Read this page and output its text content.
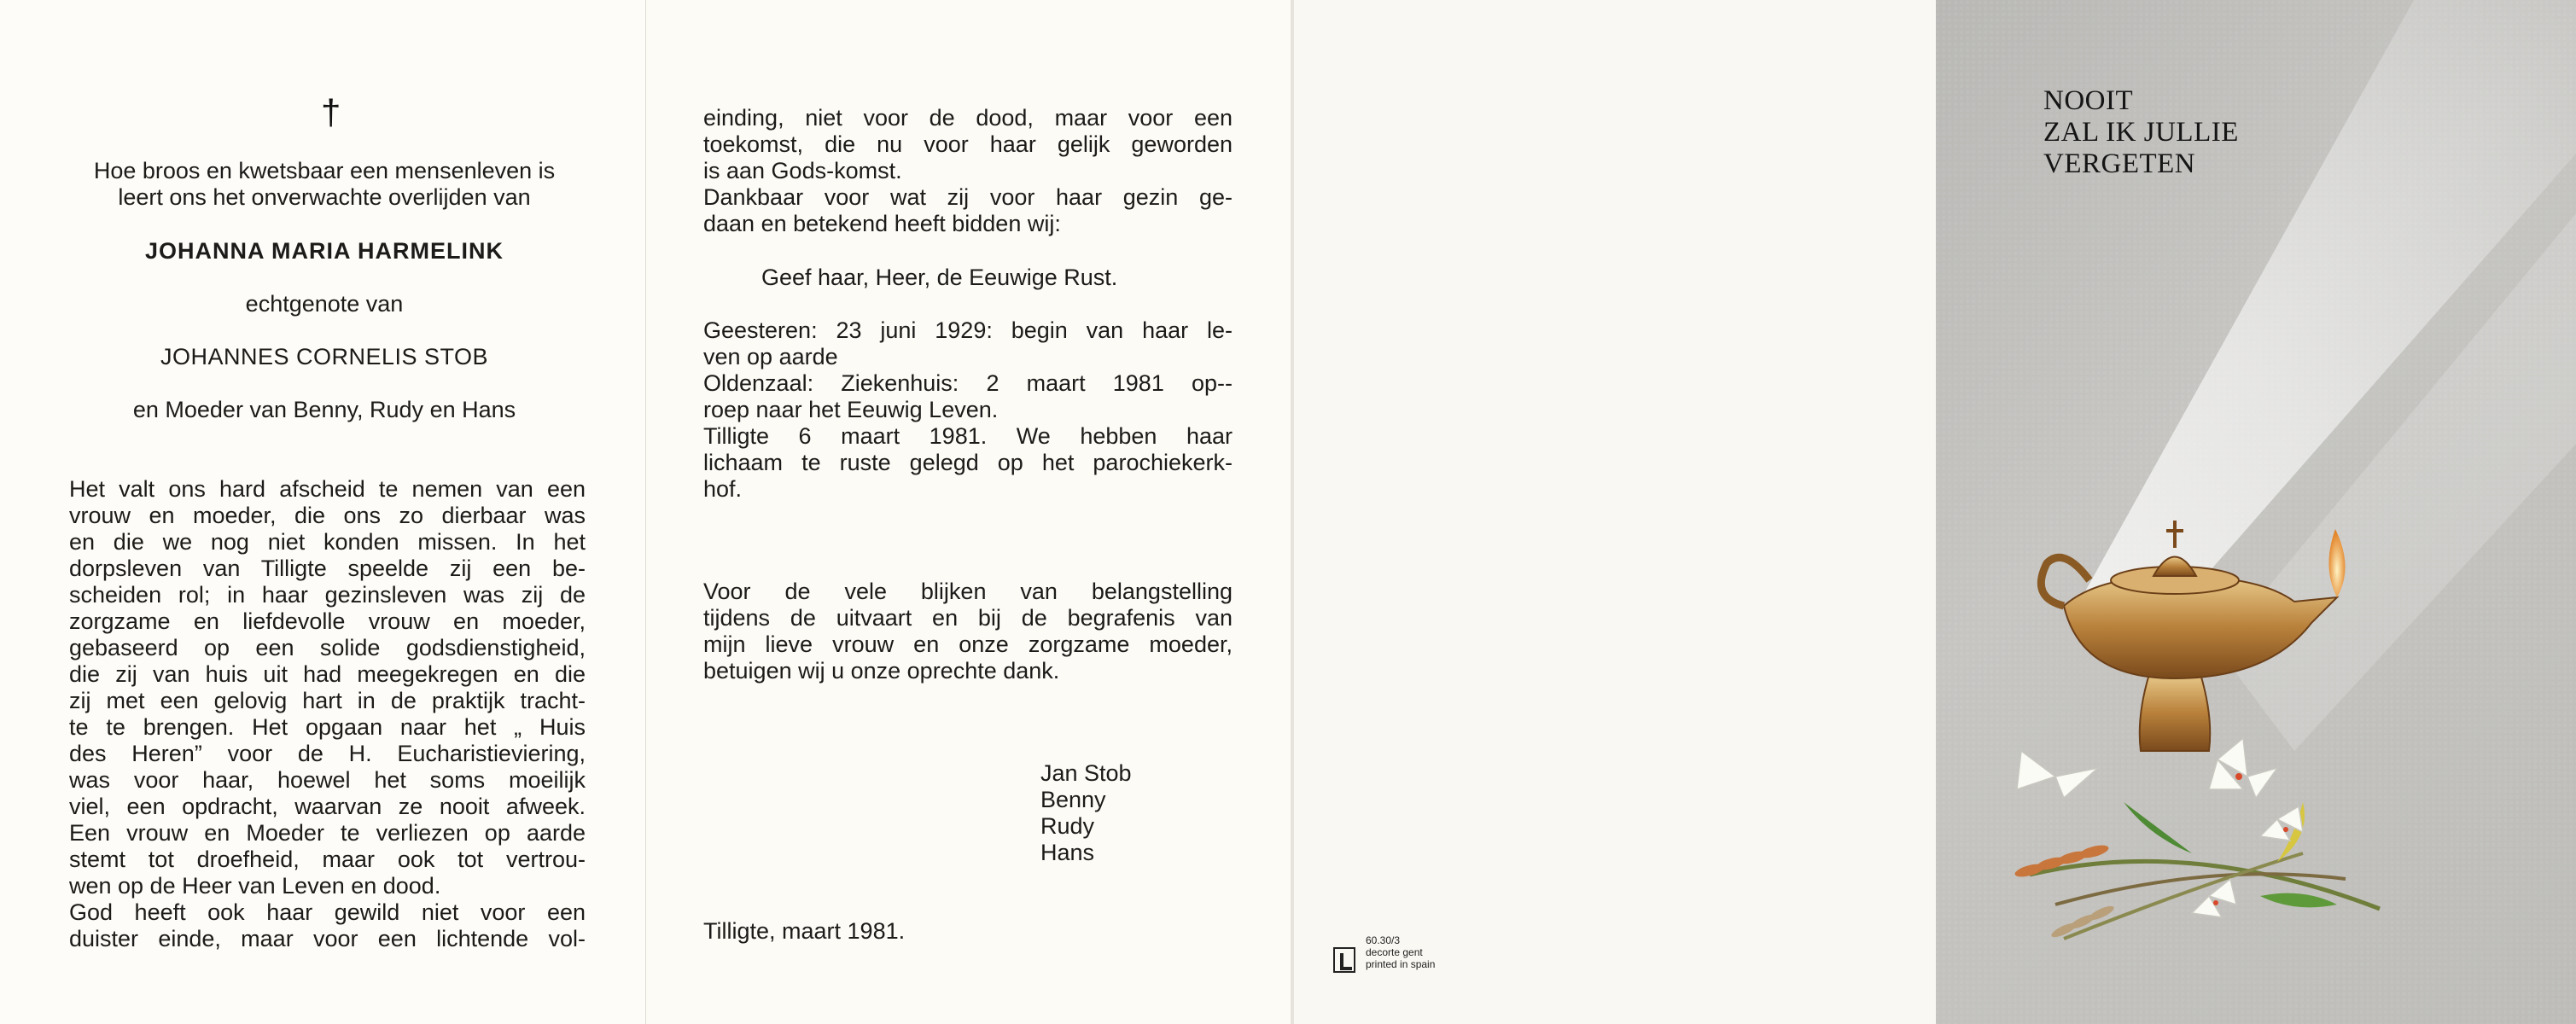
†
Hoe broos en kwetsbaar een mensenleven is
leert ons het onverwachte overlijden van
JOHANNA MARIA HARMELINK
echtgenote van
JOHANNES CORNELIS STOB
en Moeder van Benny, Rudy en Hans
Het valt ons hard afscheid te nemen van een
vrouw en moeder, die ons zo dierbaar was
en die we nog niet konden missen. In het
dorpsleven van Tilligte speelde zij een be-
scheiden rol; in haar gezinsleven was zij de
zorgzame en liefdevolle vrouw en moeder,
gebaseerd op een solide godsdienstigheid,
die zij van huis uit had meegekregen en die
zij met een gelovig hart in de praktijk tracht-
te te brengen. Het opgaan naar het „ Huis
des Heren” voor de H. Eucharistieviering,
was voor haar, hoewel het soms moeilijk
viel, een opdracht, waarvan ze nooit afweek.
Een vrouw en Moeder te verliezen op aarde
stemt tot droefheid, maar ook tot vertrou-
wen op de Heer van Leven en dood.
God heeft ook haar gewild niet voor een
duister einde, maar voor een lichtende vol-
einding, niet voor de dood, maar voor een
toekomst, die nu voor haar gelijk geworden
is aan Gods-komst.
Dankbaar voor wat zij voor haar gezin ge-
daan en betekend heeft bidden wij:
Geef haar, Heer, de Eeuwige Rust.
Geesteren: 23 juni 1929: begin van haar le-
ven op aarde
Oldenzaal: Ziekenhuis: 2 maart 1981 op--
roep naar het Eeuwig Leven.
Tilligte 6 maart 1981. We hebben haar
lichaam te ruste gelegd op het parochiekerk-
hof.
Voor de vele blijken van belangstelling
tijdens de uitvaart en bij de begrafenis van
mijn lieve vrouw en onze zorgzame moeder,
betuigen wij u onze oprechte dank.
Jan Stob
Benny
Rudy
Hans
Tilligte, maart 1981.	60.30/3
decorte gent
printed in spain
NOOIT
ZAL IK JULLIE
VERGETEN
